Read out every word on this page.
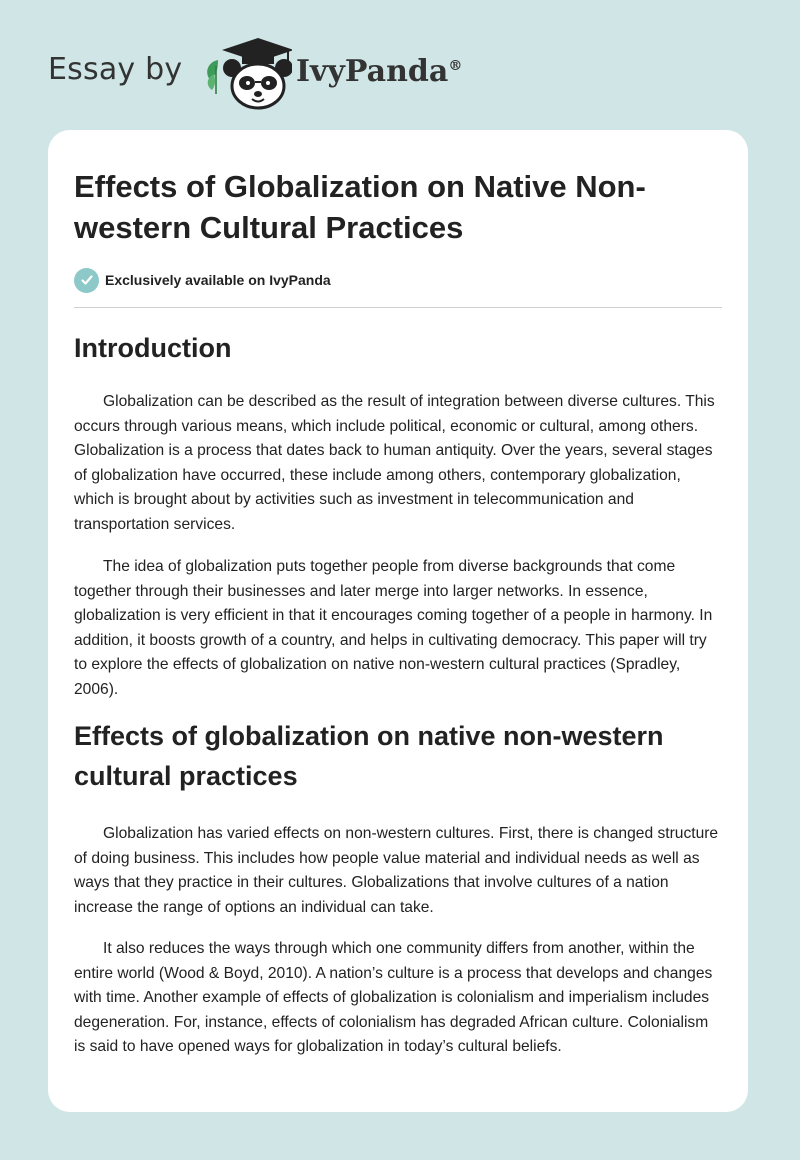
Essay by	IvyPanda®
Effects of Globalization on Native Non-western Cultural Practices
Exclusively available on IvyPanda
Introduction

Globalization can be described as the result of integration between diverse cultures. This occurs through various means, which include political, economic or cultural, among others. Globalization is a process that dates back to human antiquity. Over the years, several stages of globalization have occurred, these include among others, contemporary globalization, which is brought about by activities such as investment in telecommunication and transportation services.

The idea of globalization puts together people from diverse backgrounds that come together through their businesses and later merge into larger networks. In essence, globalization is very efficient in that it encourages coming together of a people in harmony. In addition, it boosts growth of a country, and helps in cultivating democracy. This paper will try to explore the effects of globalization on native non-western cultural practices (Spradley, 2006).

Effects of globalization on native non-western cultural practices

Globalization has varied effects on non-western cultures. First, there is changed structure of doing business. This includes how people value material and individual needs as well as ways that they practice in their cultures. Globalizations that involve cultures of a nation increase the range of options an individual can take.

It also reduces the ways through which one community differs from another, within the entire world (Wood & Boyd, 2010). A nation’s culture is a process that develops and changes with time. Another example of effects of globalization is colonialism and imperialism includes degeneration. For, instance, effects of colonialism has degraded African culture. Colonialism is said to have opened ways for globalization in today’s cultural beliefs.
